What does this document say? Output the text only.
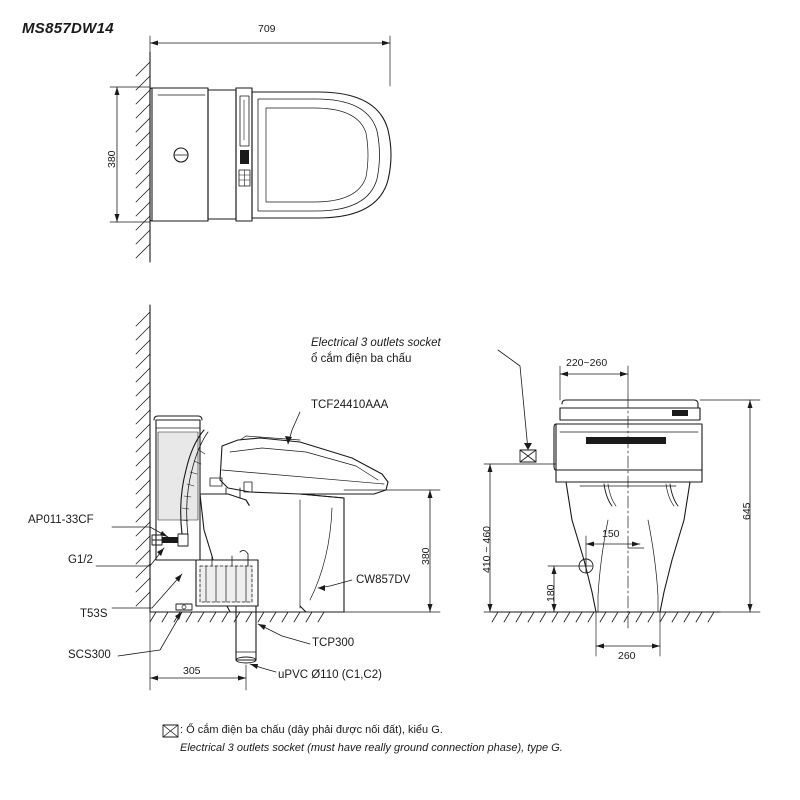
MS857DW14	709
380
Electrical 3 outlets socket
ổ cắm điện ba chấu
TCF24410AAA
CW857DV
AP011-33CF
G1/2
T53S
SCS300
TCP300
uPVC Ø110 (C1,C2)
380
305
220~260
645
410 ~ 460	150
180
260
: Ổ cắm điện ba chấu (dây phải được nối đất), kiểu G.
Electrical 3 outlets socket (must have really ground connection phase), type G.
